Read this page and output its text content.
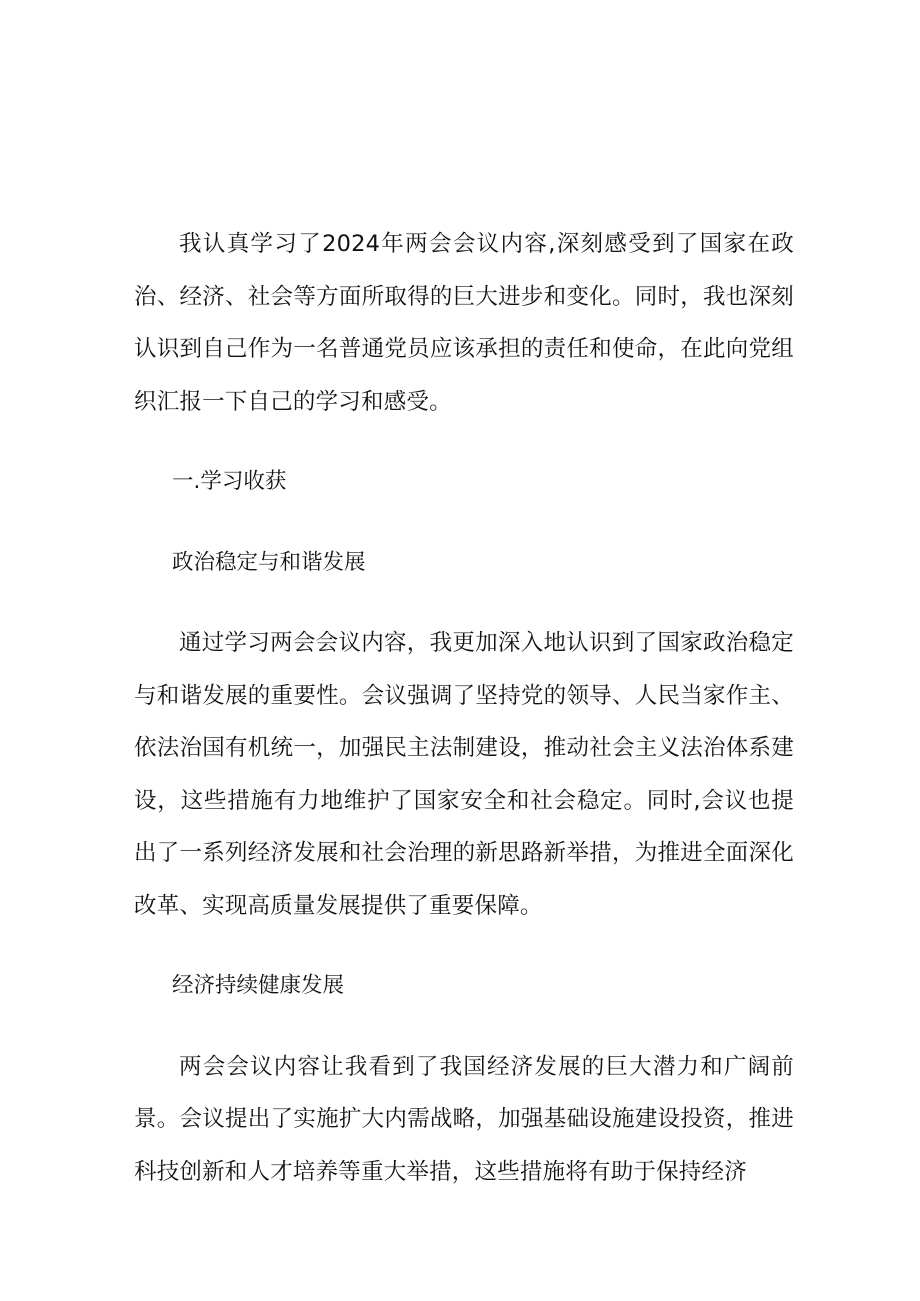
我认真学习了2024年两会会议内容,深刻感受到了国家在政治、经济、社会等方面所取得的巨大进步和变化。同时，我也深刻认识到自己作为一名普通党员应该承担的责任和使命，在此向党组织汇报一下自己的学习和感受。

一.学习收获

政治稳定与和谐发展

通过学习两会会议内容，我更加深入地认识到了国家政治稳定与和谐发展的重要性。会议强调了坚持党的领导、人民当家作主、依法治国有机统一，加强民主法制建设，推动社会主义法治体系建设，这些措施有力地维护了国家安全和社会稳定。同时,会议也提出了一系列经济发展和社会治理的新思路新举措，为推进全面深化改革、实现高质量发展提供了重要保障。

经济持续健康发展

两会会议内容让我看到了我国经济发展的巨大潜力和广阔前景。会议提出了实施扩大内需战略，加强基础设施建设投资，推进科技创新和人才培养等重大举措，这些措施将有助于保持经济
